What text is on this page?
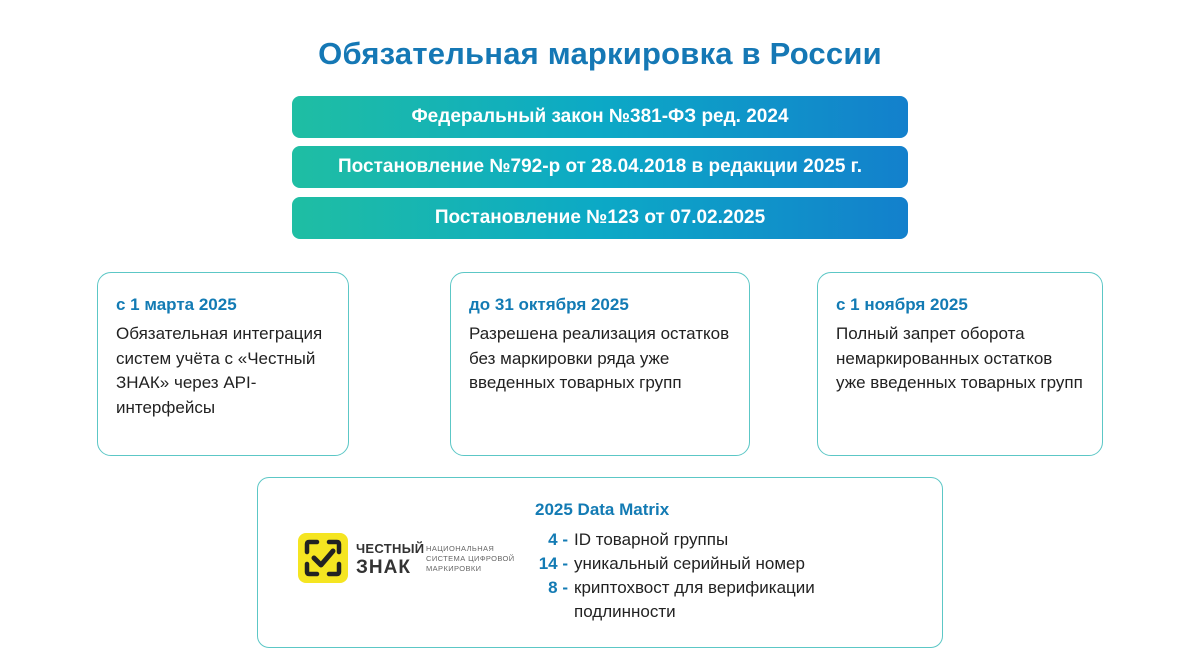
Обязательная маркировка в России
Федеральный закон №381-ФЗ ред. 2024
Постановление №792-р от 28.04.2018 в редакции 2025 г.
Постановление №123 от 07.02.2025
с 1 марта 2025
Обязательная интеграция систем учёта с «Честный ЗНАК» через API-интерфейсы
до 31 октября 2025
Разрешена реализация остатков без маркировки ряда уже введенных товарных групп
с 1 ноября 2025
Полный запрет оборота немаркированных остатков уже введенных товарных групп
ЧЕСТНЫЙ
ЗНАК
НАЦИОНАЛЬНАЯ
СИСТЕМА ЦИФРОВОЙ
МАРКИРОВКИ
2025 Data Matrix
4 - ID товарной группы
14 - уникальный серийный номер
8 - криптохвост для верификации подлинности
